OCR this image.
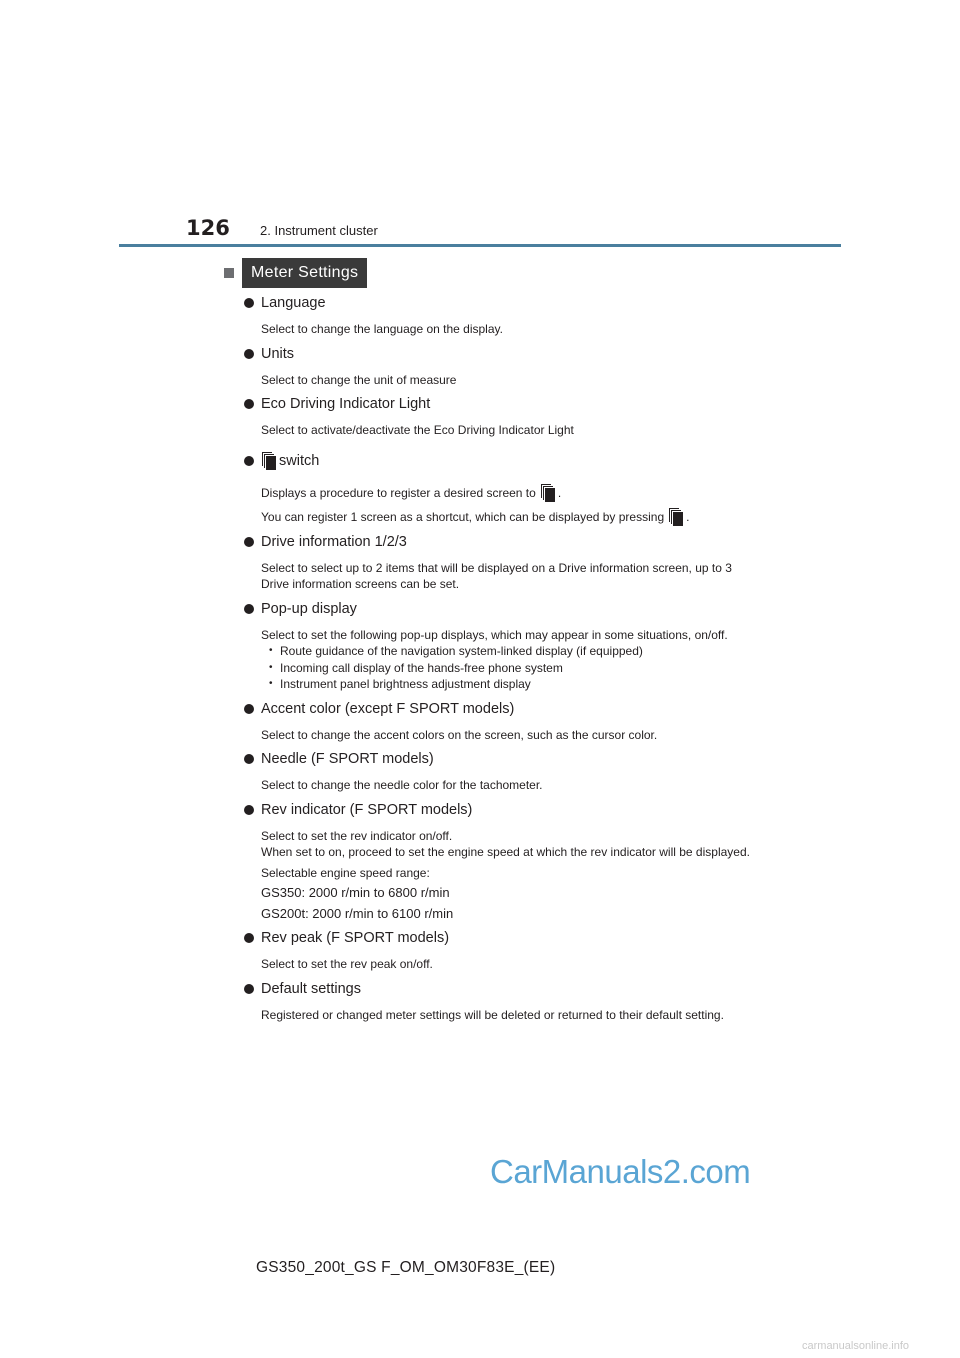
126 2. Instrument cluster
Meter Settings
Language
Select to change the language on the display.
Units
Select to change the unit of measure
Eco Driving Indicator Light
Select to activate/deactivate the Eco Driving Indicator Light
switch

Displays a procedure to register a desired screen to .

You can register 1 screen as a shortcut, which can be displayed by pressing .

Drive information 1/2/3
Select to select up to 2 items that will be displayed on a Drive information screen, up to 3 Drive information screens can be set.
Pop-up display

Select to set the following pop-up displays, which may appear in some situations, on/off.

• Route guidance of the navigation system-linked display (if equipped)
• Incoming call display of the hands-free phone system
• Instrument panel brightness adjustment display
Accent color (except F SPORT models)
Select to change the accent colors on the screen, such as the cursor color.
Needle (F SPORT models)
Select to change the needle color for the tachometer.
Rev indicator (F SPORT models)

Select to set the rev indicator on/off.

When set to on, proceed to set the engine speed at which the rev indicator will be displayed.

Selectable engine speed range:

GS350: 2000 r/min to 6800 r/min

GS200t: 2000 r/min to 6100 r/min

Rev peak (F SPORT models)
Select to set the rev peak on/off.
Default settings
Registered or changed meter settings will be deleted or returned to their default setting.
CarManuals2.com
GS350_200t_GS F_OM_OM30F83E_(EE)
carmanualsonline.info
